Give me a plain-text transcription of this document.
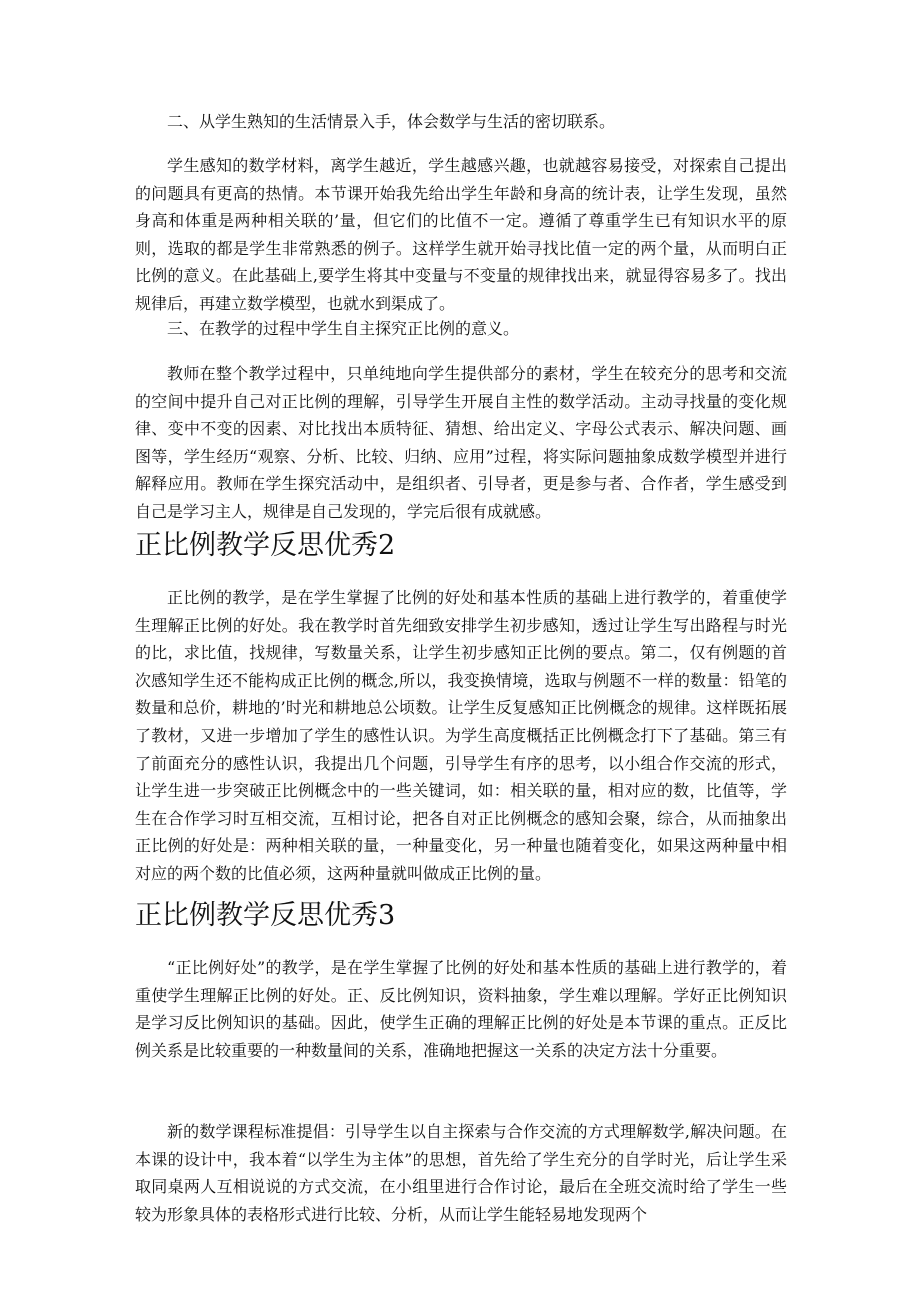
二、从学生熟知的生活情景入手，体会数学与生活的密切联系。

学生感知的数学材料，离学生越近，学生越感兴趣，也就越容易接受，对探索自己提出的问题具有更高的热情。本节课开始我先给出学生年龄和身高的统计表，让学生发现，虽然身高和体重是两种相关联的’量，但它们的比值不一定。遵循了尊重学生已有知识水平的原则，选取的都是学生非常熟悉的例子。这样学生就开始寻找比值一定的两个量，从而明白正比例的意义。在此基础上,要学生将其中变量与不变量的规律找出来，就显得容易多了。找出规律后，再建立数学模型，也就水到渠成了。

三、在教学的过程中学生自主探究正比例的意义。

教师在整个教学过程中，只单纯地向学生提供部分的素材，学生在较充分的思考和交流的空间中提升自己对正比例的理解，引导学生开展自主性的数学活动。主动寻找量的变化规律、变中不变的因素、对比找出本质特征、猜想、给出定义、字母公式表示、解决问题、画图等，学生经历“观察、分析、比较、归纳、应用”过程，将实际问题抽象成数学模型并进行解释应用。教师在学生探究活动中，是组织者、引导者，更是参与者、合作者，学生感受到自己是学习主人，规律是自己发现的，学完后很有成就感。

正比例教学反思优秀2

正比例的教学，是在学生掌握了比例的好处和基本性质的基础上进行教学的，着重使学生理解正比例的好处。我在教学时首先细致安排学生初步感知，透过让学生写出路程与时光的比，求比值，找规律，写数量关系，让学生初步感知正比例的要点。第二，仅有例题的首次感知学生还不能构成正比例的概念,所以，我变换情境，选取与例题不一样的数量：铅笔的数量和总价，耕地的’时光和耕地总公顷数。让学生反复感知正比例概念的规律。这样既拓展了教材，又进一步增加了学生的感性认识。为学生高度概括正比例概念打下了基础。第三有了前面充分的感性认识，我提出几个问题，引导学生有序的思考，以小组合作交流的形式，让学生进一步突破正比例概念中的一些关键词，如：相关联的量，相对应的数，比值等，学生在合作学习时互相交流，互相讨论，把各自对正比例概念的感知会聚，综合，从而抽象出正比例的好处是：两种相关联的量，一种量变化，另一种量也随着变化，如果这两种量中相对应的两个数的比值必须，这两种量就叫做成正比例的量。

正比例教学反思优秀3

“正比例好处”的教学，是在学生掌握了比例的好处和基本性质的基础上进行教学的，着重使学生理解正比例的好处。正、反比例知识，资料抽象，学生难以理解。学好正比例知识是学习反比例知识的基础。因此，使学生正确的理解正比例的好处是本节课的重点。正反比例关系是比较重要的一种数量间的关系，准确地把握这一关系的决定方法十分重要。

新的数学课程标准提倡：引导学生以自主探索与合作交流的方式理解数学,解决问题。在本课的设计中，我本着“以学生为主体”的思想，首先给了学生充分的自学时光，后让学生采取同桌两人互相说说的方式交流，在小组里进行合作讨论，最后在全班交流时给了学生一些较为形象具体的表格形式进行比较、分析，从而让学生能轻易地发现两个
